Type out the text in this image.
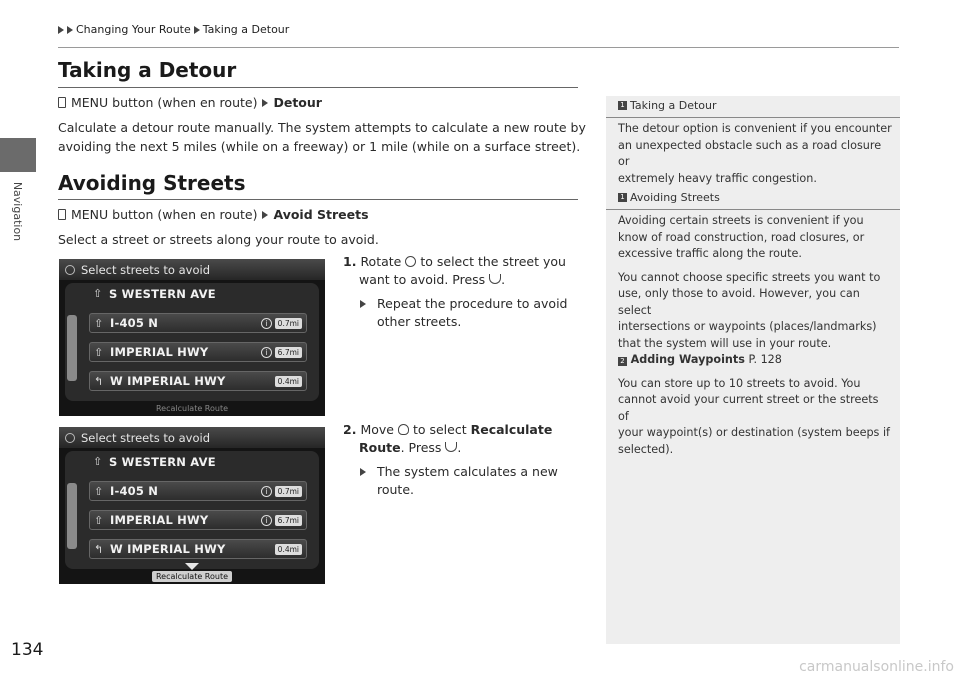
Navigation
Changing Your Route Taking a Detour
Taking a Detour
MENU button (when en route) Detour
Calculate a detour route manually. The system attempts to calculate a new route by
avoiding the next 5 miles (while on a freeway) or 1 mile (while on a surface street).
Avoiding Streets
MENU button (when en route) Avoid Streets
Select a street or streets along your route to avoid.
Select streets to avoid
⇧ S WESTERN AVE
⇧ I-405 N	i	0.7mi
⇧ IMPERIAL HWY	i	6.7mi
↰ W IMPERIAL HWY	0.4mi
Recalculate Route
Select streets to avoid
⇧ S WESTERN AVE
⇧ I-405 N	i	0.7mi
⇧ IMPERIAL HWY	i	6.7mi
↰ W IMPERIAL HWY	0.4mi
Recalculate Route
1. Rotate to select the street you
want to avoid. Press .
Repeat the procedure to avoid
other streets.
2. Move to select Recalculate
Route. Press .
The system calculates a new
route.
1 Taking a Detour
The detour option is convenient if you encounter
an unexpected obstacle such as a road closure or
extremely heavy traffic congestion.
1 Avoiding Streets
Avoiding certain streets is convenient if you
know of road construction, road closures, or
excessive traffic along the route.
You cannot choose specific streets you want to
use, only those to avoid. However, you can select
intersections or waypoints (places/landmarks)
that the system will use in your route.
2 Adding Waypoints P. 128
You can store up to 10 streets to avoid. You
cannot avoid your current street or the streets of
your waypoint(s) or destination (system beeps if
selected).
134
carmanualsonline.info
